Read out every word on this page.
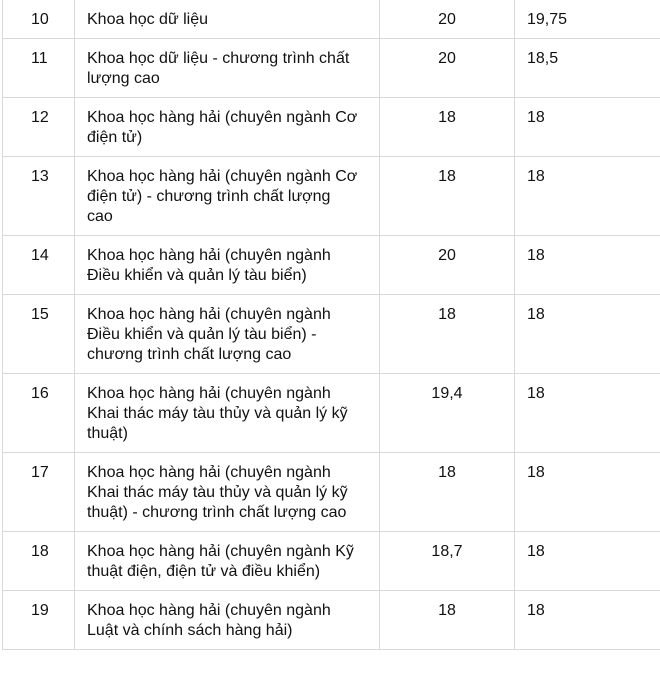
10	Khoa học dữ liệu	20	19,75
11	Khoa học dữ liệu - chương trình chất
lượng cao	20	18,5
12	Khoa học hàng hải (chuyên ngành Cơ
điện tử)	18	18
13	Khoa học hàng hải (chuyên ngành Cơ
điện tử) - chương trình chất lượng
cao	18	18
14	Khoa học hàng hải (chuyên ngành
Điều khiển và quản lý tàu biển)	20	18
15	Khoa học hàng hải (chuyên ngành
Điều khiển và quản lý tàu biển) -
chương trình chất lượng cao	18	18
16	Khoa học hàng hải (chuyên ngành
Khai thác máy tàu thủy và quản lý kỹ
thuật)	19,4	18
17	Khoa học hàng hải (chuyên ngành
Khai thác máy tàu thủy và quản lý kỹ
thuật) - chương trình chất lượng cao	18	18
18	Khoa học hàng hải (chuyên ngành Kỹ
thuật điện, điện tử và điều khiển)	18,7	18
19	Khoa học hàng hải (chuyên ngành
Luật và chính sách hàng hải)	18	18
